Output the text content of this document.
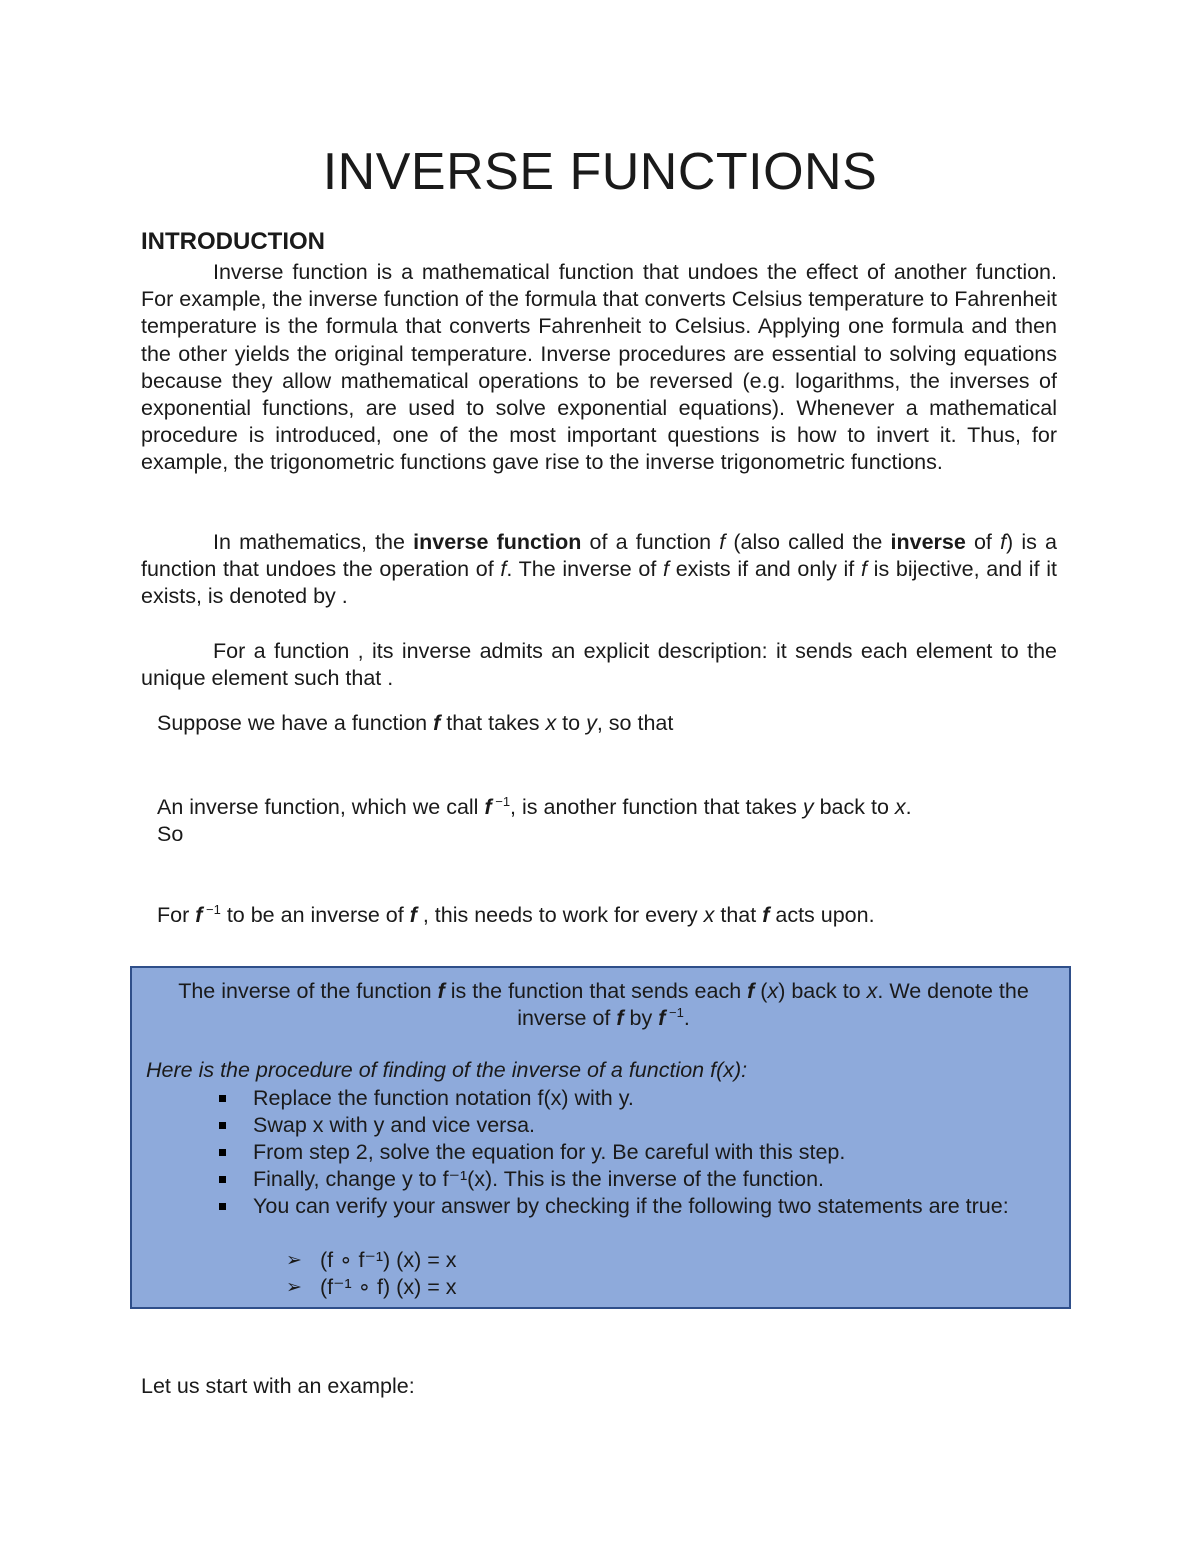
INVERSE FUNCTIONS
INTRODUCTION

Inverse function is a mathematical function that undoes the effect of another function. For example, the inverse function of the formula that converts Celsius temperature to Fahrenheit temperature is the formula that converts Fahrenheit to Celsius. Applying one formula and then the other yields the original temperature. Inverse procedures are essential to solving equations because they allow mathematical operations to be reversed (e.g. logarithms, the inverses of exponential functions, are used to solve exponential equations). Whenever a mathematical procedure is introduced, one of the most important questions is how to invert it. Thus, for example, the trigonometric functions gave rise to the inverse trigonometric functions.

In mathematics, the inverse function of a function f (also called the inverse of f) is a function that undoes the operation of f. The inverse of f exists if and only if f is bijective, and if it exists, is denoted by .

For a function , its inverse admits an explicit description: it sends each element to the unique element such that .

Suppose we have a function f that takes x to y, so that

An inverse function, which we call f $^{-1}$, is another function that takes y back to x.

So

For f $^{-1}$ to be an inverse of f , this needs to work for every x that f acts upon.

The inverse of the function f is the function that sends each f (x) back to x. We denote the inverse of f by f $^{-1}$.

Here is the procedure of finding of the inverse of a function f(x):

Replace the function notation f(x) with y.
Swap x with y and vice versa.
From step 2, solve the equation for y. Be careful with this step.
Finally, change y to f⁻¹(x). This is the inverse of the function.
You can verify your answer by checking if the following two statements are true:
➢ (f ∘ f⁻¹) (x) = x
➢ (f⁻¹ ∘ f) (x) = x

Let us start with an example:
